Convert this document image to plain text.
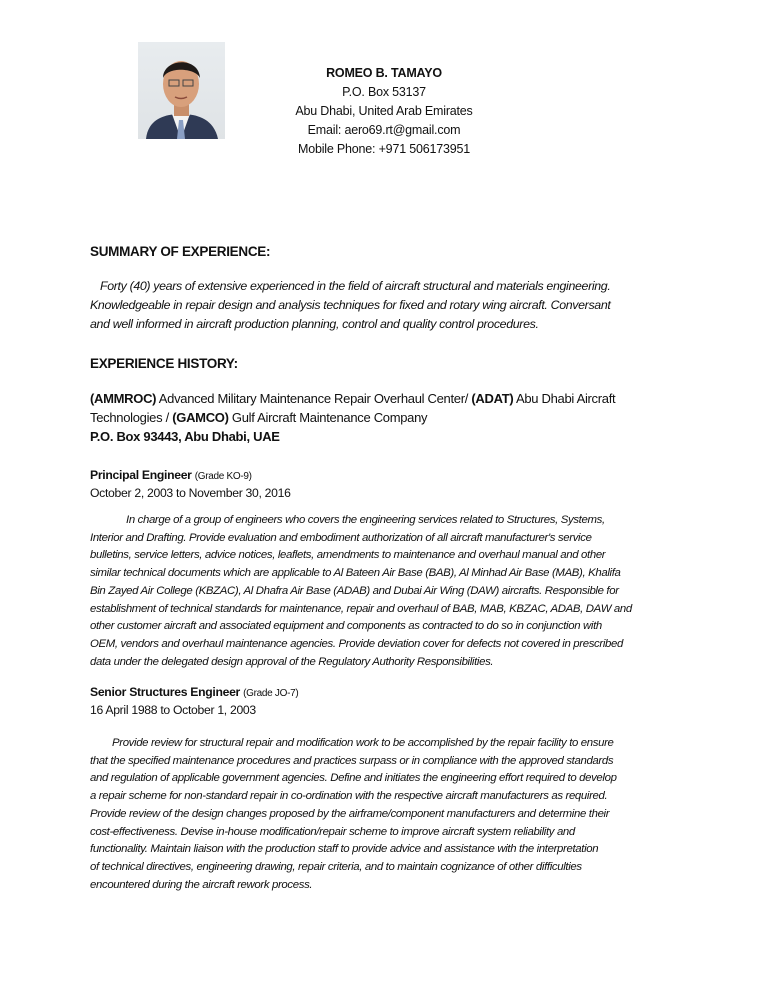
ROMEO B. TAMAYO
P.O. Box 53137
Abu Dhabi, United Arab Emirates
Email: aero69.rt@gmail.com
Mobile Phone: +971 506173951
SUMMARY OF EXPERIENCE:
Forty (40) years of extensive experienced in the field of aircraft structural and materials engineering.
Knowledgeable in repair design and analysis techniques for fixed and rotary wing aircraft. Conversant
and well informed in aircraft production planning, control and quality control procedures.
EXPERIENCE HISTORY:
(AMMROC) Advanced Military Maintenance Repair Overhaul Center/ (ADAT) Abu Dhabi Aircraft
Technologies / (GAMCO) Gulf Aircraft Maintenance Company
P.O. Box 93443, Abu Dhabi, UAE
Principal Engineer (Grade KO-9)
October 2, 2003 to November 30, 2016
In charge of a group of engineers who covers the engineering services related to Structures, Systems,
Interior and Drafting. Provide evaluation and embodiment authorization of all aircraft manufacturer's service
bulletins, service letters, advice notices, leaflets, amendments to maintenance and overhaul manual and other
similar technical documents which are applicable to Al Bateen Air Base (BAB), Al Minhad Air Base (MAB), Khalifa
Bin Zayed Air College (KBZAC), Al Dhafra Air Base (ADAB) and Dubai Air Wing (DAW) aircrafts. Responsible for
establishment of technical standards for maintenance, repair and overhaul of BAB, MAB, KBZAC, ADAB, DAW and
other customer aircraft and associated equipment and components as contracted to do so in conjunction with
OEM, vendors and overhaul maintenance agencies. Provide deviation cover for defects not covered in prescribed
data under the delegated design approval of the Regulatory Authority Responsibilities.
Senior Structures Engineer (Grade JO-7)
16 April 1988 to October 1, 2003
Provide review for structural repair and modification work to be accomplished by the repair facility to ensure
that the specified maintenance procedures and practices surpass or in compliance with the approved standards
and regulation of applicable government agencies. Define and initiates the engineering effort required to develop
a repair scheme for non-standard repair in co-ordination with the respective aircraft manufacturers as required.
Provide review of the design changes proposed by the airframe/component manufacturers and determine their
cost-effectiveness. Devise in-house modification/repair scheme to improve aircraft system reliability and
functionality. Maintain liaison with the production staff to provide advice and assistance with the interpretation
of technical directives, engineering drawing, repair criteria, and to maintain cognizance of other difficulties
encountered during the aircraft rework process.
